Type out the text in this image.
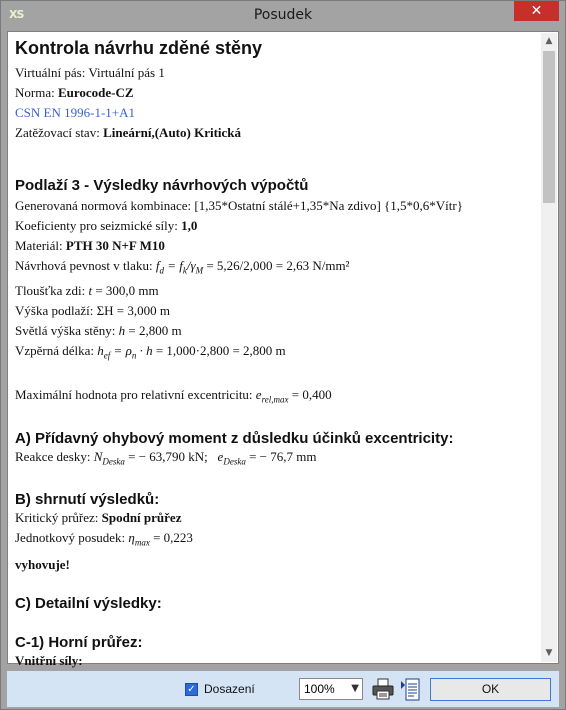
XS	Posudek	✕
Kontrola návrhu zděné stěny
Virtuální pás: Virtuální pás 1
Norma: Eurocode-CZ
CSN EN 1996-1-1+A1
Zatěžovací stav: Lineární,(Auto) Kritická
Podlaží 3 - Výsledky návrhových výpočtů
Generovaná normová kombinace: [1,35*Ostatní stálé+1,35*Na zdivo] {1,5*0,6*Vítr}
Koeficienty pro seizmické síly: 1,0
Materiál: PTH 30 N+F M10
Návrhová pevnost v tlaku: $f_d = f_k/\gamma_M = 5,26/2,000 = 2,63$ N/mm²
Tloušťka zdi: t = 300,0 mm
Výška podlaží: ΣH = 3,000 m
Světlá výška stěny: h = 2,800 m
Vzpěrná délka: $h_{ef} = \rho_n \cdot h = 1,000\cdot 2,800 = 2,800$ m
Maximální hodnota pro relativní excentricitu: $e_{rel,max} = 0,400$
A) Přídavný ohybový moment z důsledku účinků excentricity:
Reakce desky: $N_{Deska}$ = − 63,790 kN; $e_{Deska}$ = − 76,7 mm
B) shrnutí výsledků:
Kritický průřez: Spodní průřez
Jednotkový posudek: $\eta_{max} = 0,223$
vyhovuje!
C) Detailní výsledky:
C-1) Horní průřez:
Vnitřní síly:
▲
▼
✓ Dosazení	100% ▼	OK
